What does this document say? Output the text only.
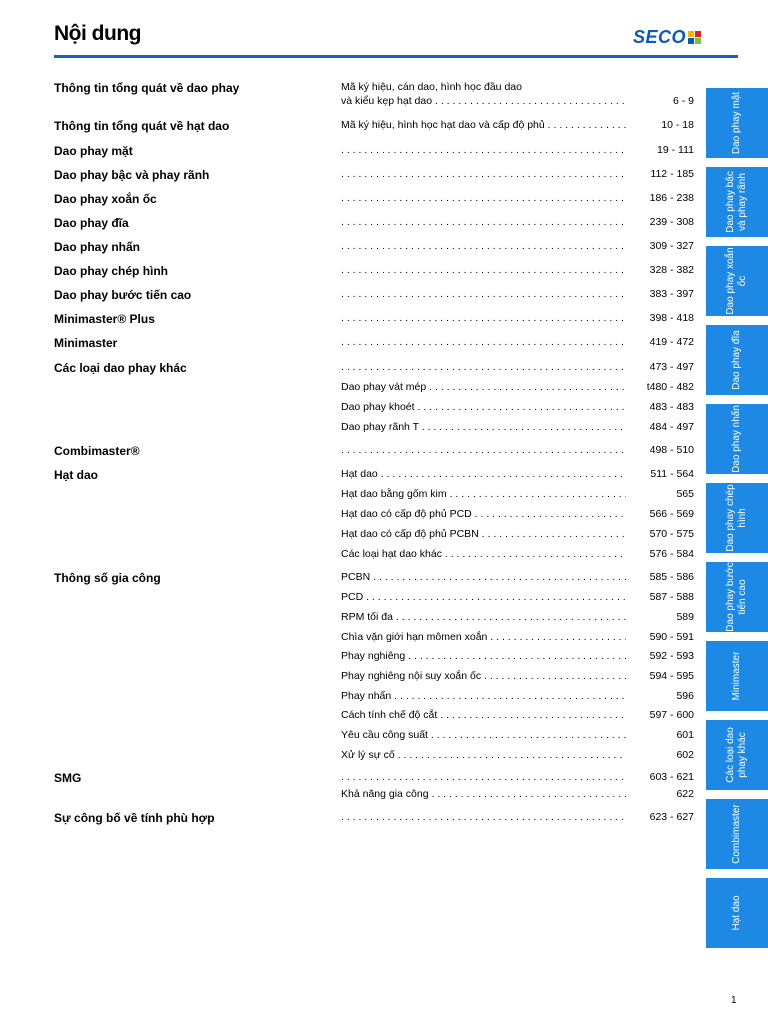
Nội dung	SECO
Thông tin tổng quát về dao phay	Mã ký hiệu, cán dao, hình học đầu dao
và kiểu kẹp hạt dao . . .	6 - 9
Thông tin tổng quát về hạt dao	Mã ký hiệu, hình học hạt dao và cấp độ phủ . . .	10 - 18
Dao phay mặt . . .	19 - 111
Dao phay bậc và phay rãnh . . .	112 - 185
Dao phay xoắn ốc . . .	186 - 238
Dao phay đĩa . . .	239 - 308
Dao phay nhấn . . .	309 - 327
Dao phay chép hình . . .	328 - 382
Dao phay bước tiến cao . . .	383 - 397
Minimaster® Plus . . .	398 - 418
Minimaster . . .	419 - 472
Các loại dao phay khác . . .	473 - 497
Dao phay vát mép . . .	t480 - 482
Dao phay khoét . . .	483 - 483
Dao phay rãnh T . . .	484 - 497
Combimaster® . . .	498 - 510
Hạt dao	Hạt dao . . .	511 - 564
Hạt dao bằng gốm kim . . .	565
Hạt dao có cấp độ phủ PCD . . .	566 - 569
Hạt dao có cấp độ phủ PCBN . . .	570 - 575
Các loại hạt dao khác . . .	576 - 584
Thông số gia công	PCBN . . .	585 - 586
PCD . . .	587 - 588
RPM tối đa . . .	589
Chìa vặn giới hạn mômen xoắn . . .	590 - 591
Phay nghiêng . . .	592 - 593
Phay nghiêng nội suy xoắn ốc . . .	594 - 595
Phay nhấn . . .	596
Cách tính chế độ cắt . . .	597 - 600
Yêu cầu công suất . . .	601
Xử lý sự cố . . .	602
SMG . . .	603 - 621
Khả năng gia công . . .	622
Sự công bố về tính phù hợp . . .	623 - 627
Dao phay mặt
Dao phay bậc và phay rãnh
Dao phay xoắn ốc
Dao phay đĩa
Dao phay nhấn
Dao phay chép hình
Dao phay bước tiến cao
Minimaster
Các loại dao phay khác
Combimaster
Hạt dao
1
